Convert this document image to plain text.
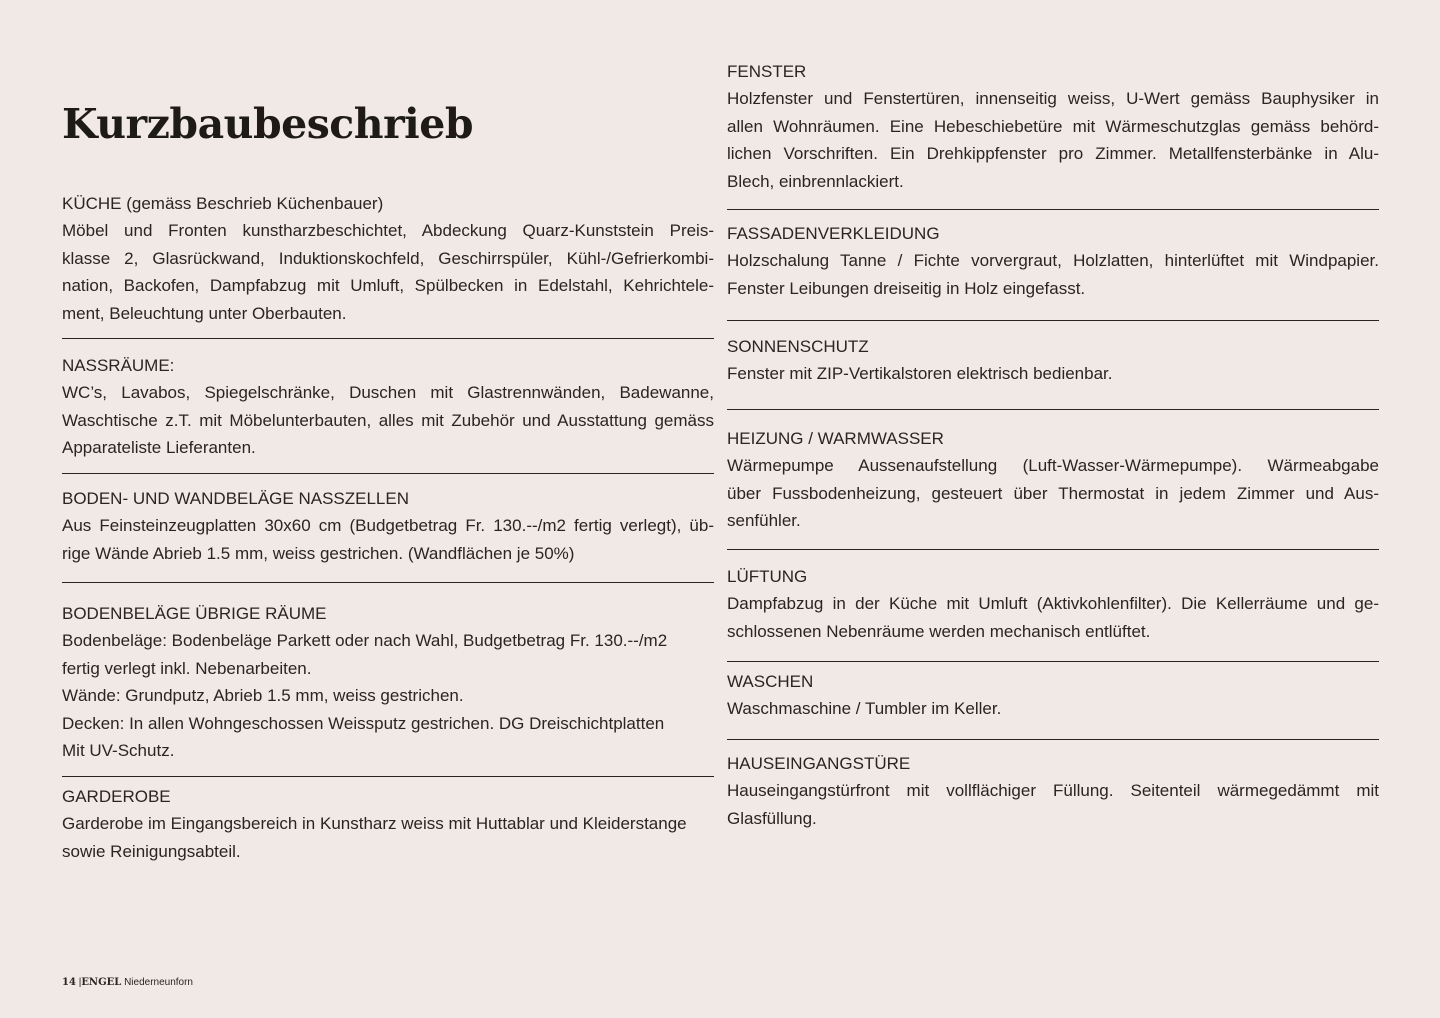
Kurzbaubeschrieb
KÜCHE (gemäss Beschrieb Küchenbauer)

Möbel und Fronten kunstharzbeschichtet, Abdeckung Quarz-Kunststein Preis-
klasse 2, Glasrückwand, Induktionskochfeld, Geschirrspüler, Kühl-/Gefrierkombi-
nation, Backofen, Dampfabzug mit Umluft, Spülbecken in Edelstahl, Kehrichtele-
ment, Beleuchtung unter Oberbauten.

NASSRÄUME:

WC’s, Lavabos, Spiegelschränke, Duschen mit Glastrennwänden, Badewanne,
Waschtische z.T. mit Möbelunterbauten, alles mit Zubehör und Ausstattung gemäss
Apparateliste Lieferanten.

BODEN- UND WANDBELÄGE NASSZELLEN

Aus Feinsteinzeugplatten 30x60 cm (Budgetbetrag Fr. 130.--/m2 fertig verlegt), üb-
rige Wände Abrieb 1.5 mm, weiss gestrichen. (Wandflächen je 50%)

BODENBELÄGE ÜBRIGE RÄUME

Bodenbeläge: Bodenbeläge Parkett oder nach Wahl, Budgetbetrag Fr. 130.--/m2
fertig verlegt inkl. Nebenarbeiten.
Wände: Grundputz, Abrieb 1.5 mm, weiss gestrichen.
Decken: In allen Wohngeschossen Weissputz gestrichen. DG Dreischichtplatten
Mit UV-Schutz.

GARDEROBE

Garderobe im Eingangsbereich in Kunstharz weiss mit Huttablar und Kleiderstange
sowie Reinigungsabteil.

FENSTER

Holzfenster und Fenstertüren, innenseitig weiss, U-Wert gemäss Bauphysiker in
allen Wohnräumen. Eine Hebeschiebetüre mit Wärmeschutzglas gemäss behörd-
lichen Vorschriften. Ein Drehkippfenster pro Zimmer. Metallfensterbänke in Alu-
Blech, einbrennlackiert.

FASSADENVERKLEIDUNG

Holzschalung Tanne / Fichte vorvergraut, Holzlatten, hinterlüftet mit Windpapier.
Fenster Leibungen dreiseitig in Holz eingefasst.

SONNENSCHUTZ

Fenster mit ZIP-Vertikalstoren elektrisch bedienbar.

HEIZUNG / WARMWASSER

Wärmepumpe Aussenaufstellung (Luft-Wasser-Wärmepumpe). Wärmeabgabe
über Fussbodenheizung, gesteuert über Thermostat in jedem Zimmer und Aus-
senfühler.

LÜFTUNG

Dampfabzug in der Küche mit Umluft (Aktivkohlenfilter). Die Kellerräume und ge-
schlossenen Nebenräume werden mechanisch entlüftet.

WASCHEN

Waschmaschine / Tumbler im Keller.

HAUSEINGANGSTÜRE

Hauseingangstürfront mit vollflächiger Füllung. Seitenteil wärmegedämmt mit
Glasfüllung.

14 |ENGEL Niederneunforn
